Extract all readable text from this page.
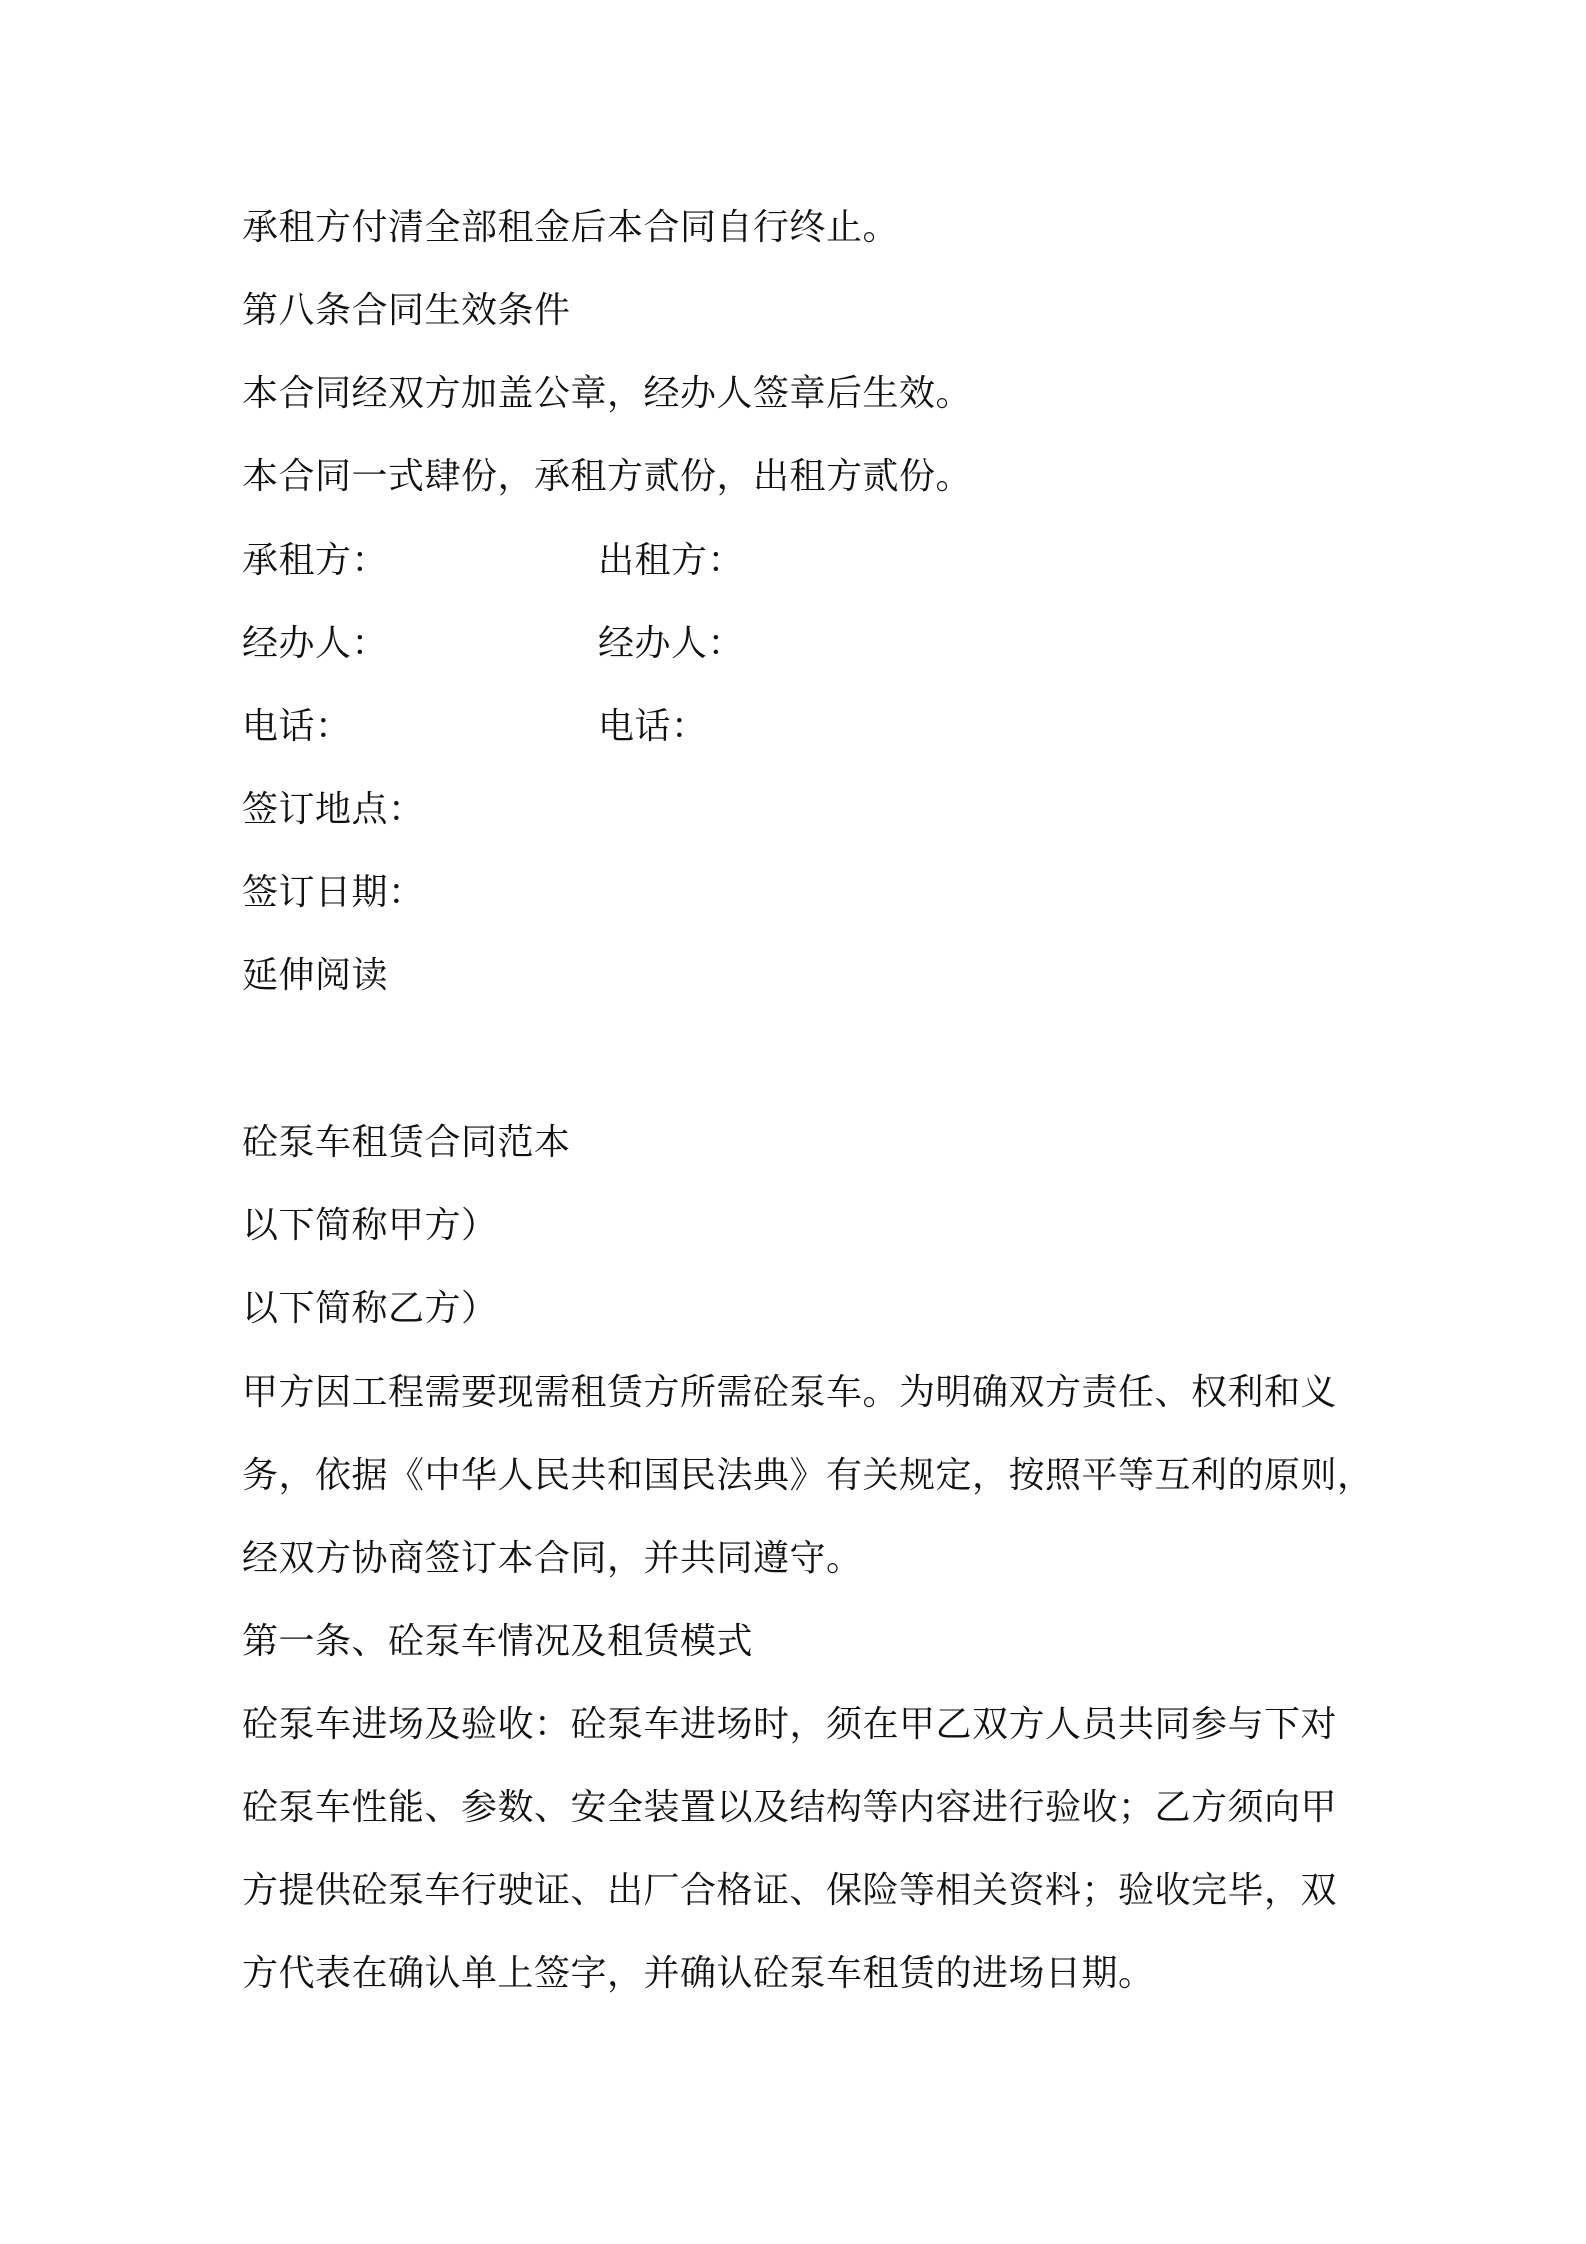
承租方付清全部租金后本合同自行终止。
第八条合同生效条件
本合同经双方加盖公章，经办人签章后生效。
本合同一式肆份，承租方贰份，出租方贰份。
承租方：	出租方：
经办人：	经办人：
电话：	电话：
签订地点：
签订日期：
延伸阅读
砼泵车租赁合同范本
以下简称甲方）
以下简称乙方）
甲方因工程需要现需租赁方所需砼泵车。为明确双方责任、权利和义
务，依据《中华人民共和国民法典》有关规定，按照平等互利的原则，
经双方协商签订本合同，并共同遵守。
第一条、砼泵车情况及租赁模式
砼泵车进场及验收：砼泵车进场时，须在甲乙双方人员共同参与下对
砼泵车性能、参数、安全装置以及结构等内容进行验收；乙方须向甲
方提供砼泵车行驶证、出厂合格证、保险等相关资料；验收完毕，双
方代表在确认单上签字，并确认砼泵车租赁的进场日期。
